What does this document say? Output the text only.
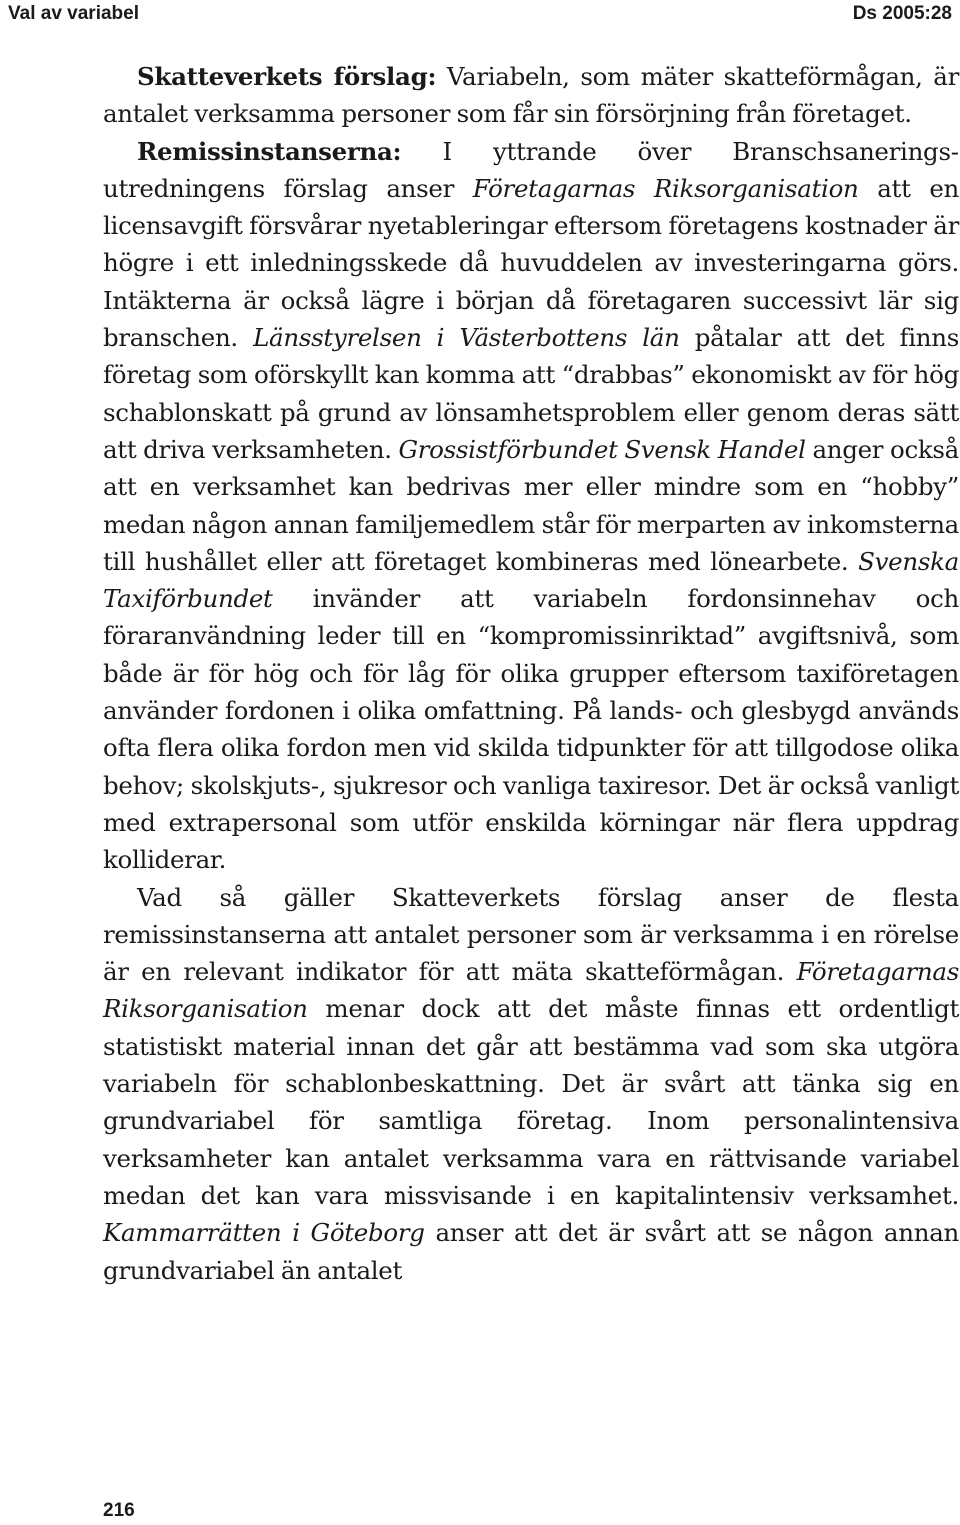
Val av variabel	Ds 2005:28

Skatteverkets förslag: Variabeln, som mäter skatteförmågan, är antalet verksamma personer som får sin försörjning från företaget.

Remissinstanserna: I yttrande över Branschsaneringsutredningens förslag anser Företagarnas Riksorganisation att en licensavgift försvårar nyetableringar eftersom företagens kostnader är högre i ett inledningsskede då huvuddelen av investeringarna görs. Intäkterna är också lägre i början då företagaren successivt lär sig branschen. Länsstyrelsen i Västerbottens län påtalar att det finns företag som oförskyllt kan komma att “drabbas” ekonomiskt av för hög schablonskatt på grund av lönsamhetsproblem eller genom deras sätt att driva verksamheten. Grossistförbundet Svensk Handel anger också att en verksamhet kan bedrivas mer eller mindre som en “hobby” medan någon annan familjemedlem står för merparten av inkomsterna till hushållet eller att företaget kombineras med lönearbete. Svenska Taxiförbundet invänder att variabeln fordonsinnehav och föraranvändning leder till en “kompromissinriktad” avgiftsnivå, som både är för hög och för låg för olika grupper eftersom taxiföretagen använder fordonen i olika omfattning. På lands- och glesbygd används ofta flera olika fordon men vid skilda tidpunkter för att tillgodose olika behov; skolskjuts-, sjukresor och vanliga taxiresor. Det är också vanligt med extrapersonal som utför enskilda körningar när flera uppdrag kolliderar.

Vad så gäller Skatteverkets förslag anser de flesta remissinstanserna att antalet personer som är verksamma i en rörelse är en relevant indikator för att mäta skatteförmågan. Företagarnas Riksorganisation menar dock att det måste finnas ett ordentligt statistiskt material innan det går att bestämma vad som ska utgöra variabeln för schablonbeskattning. Det är svårt att tänka sig en grundvariabel för samtliga företag. Inom personalintensiva verksamheter kan antalet verksamma vara en rättvisande variabel medan det kan vara missvisande i en kapitalintensiv verksamhet. Kammarrätten i Göteborg anser att det är svårt att se någon annan grundvariabel än antalet

216
